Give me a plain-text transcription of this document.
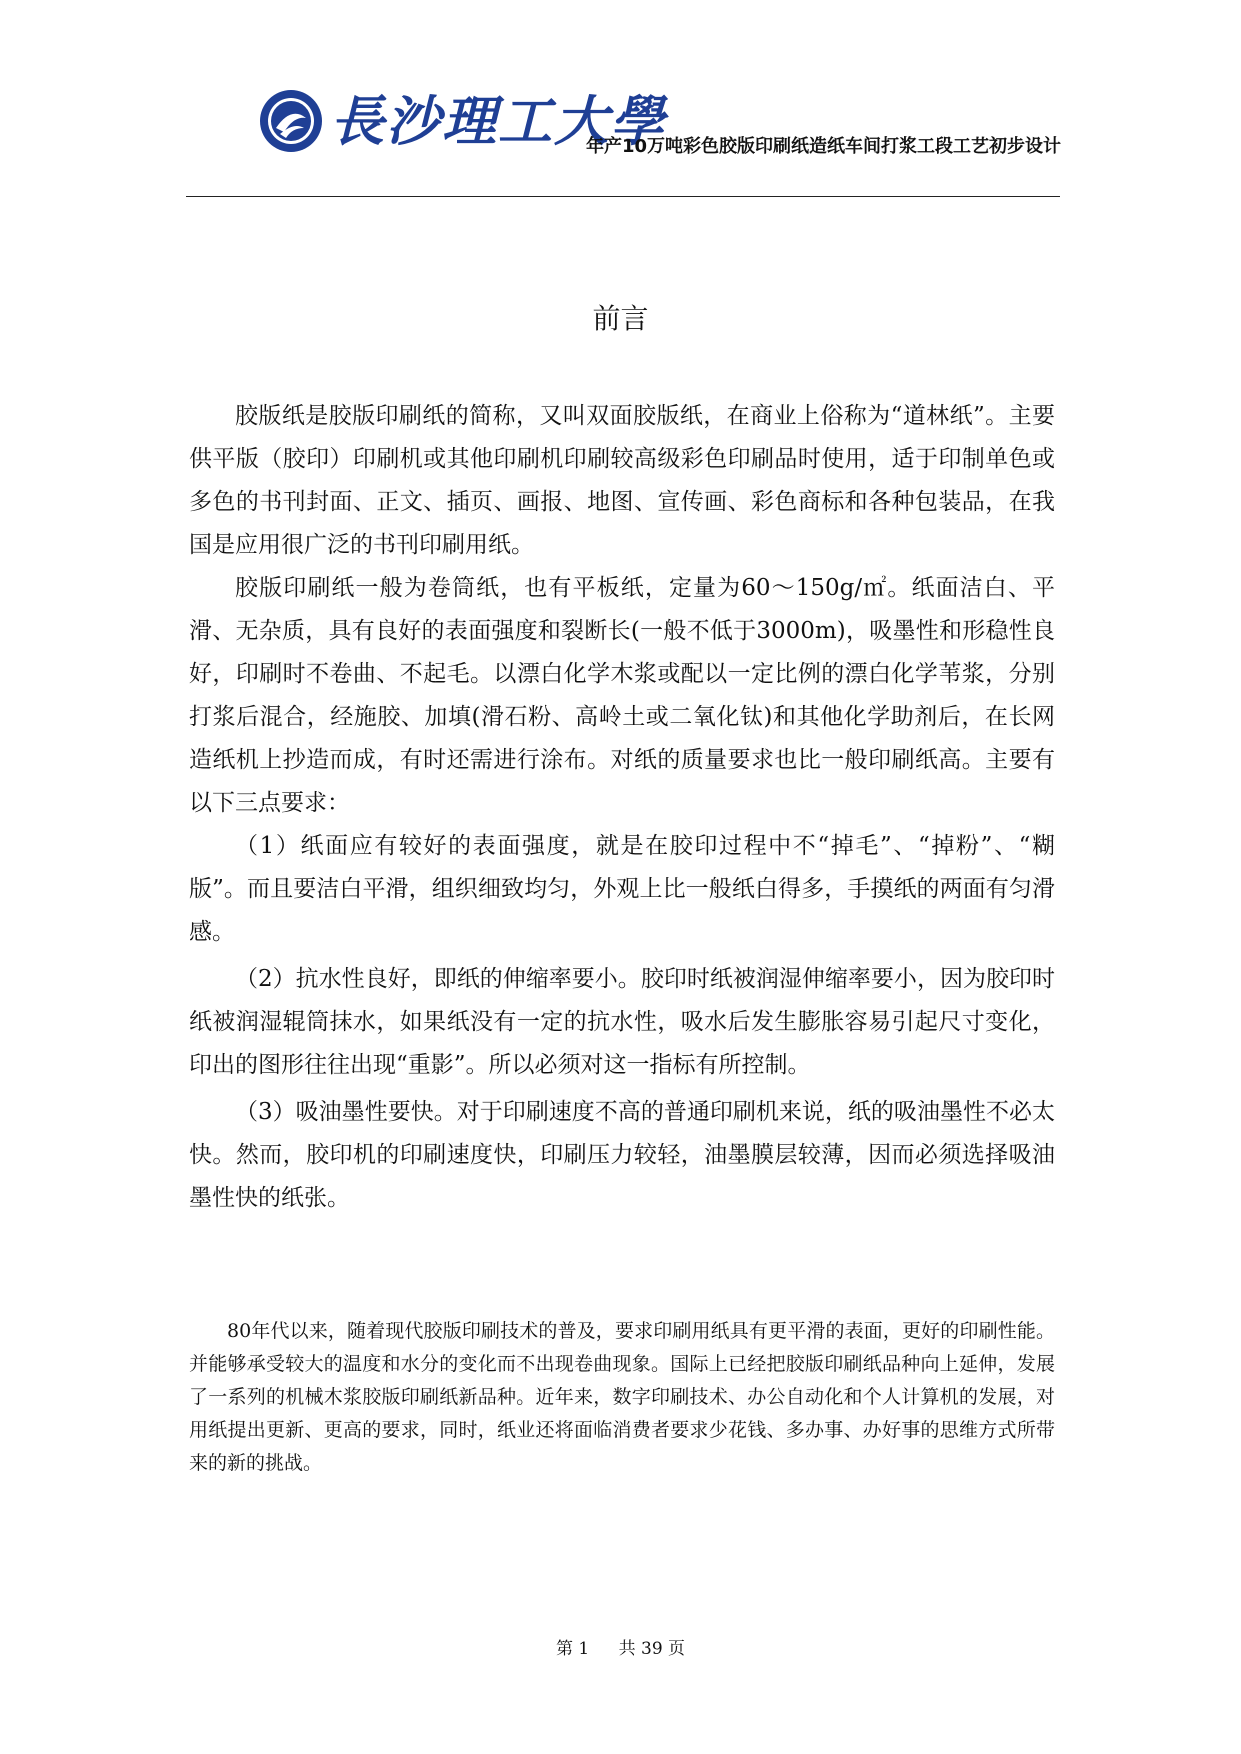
長沙理工大學
年产10万吨彩色胶版印刷纸造纸车间打浆工段工艺初步设计
前言

胶版纸是胶版印刷纸的简称，又叫双面胶版纸，在商业上俗称为“道林纸”。主要供平版（胶印）印刷机或其他印刷机印刷较高级彩色印刷品时使用，适于印制单色或多色的书刊封面、正文、插页、画报、地图、宣传画、彩色商标和各种包装品，在我国是应用很广泛的书刊印刷用纸。

胶版印刷纸一般为卷筒纸，也有平板纸，定量为60～150g/㎡。纸面洁白、平滑、无杂质，具有良好的表面强度和裂断长(一般不低于3000m)，吸墨性和形稳性良好，印刷时不卷曲、不起毛。以漂白化学木浆或配以一定比例的漂白化学苇浆，分别打浆后混合，经施胶、加填(滑石粉、高岭土或二氧化钛)和其他化学助剂后，在长网造纸机上抄造而成，有时还需进行涂布。对纸的质量要求也比一般印刷纸高。主要有以下三点要求：

（1）纸面应有较好的表面强度，就是在胶印过程中不“掉毛”、“掉粉”、“糊版”。而且要洁白平滑，组织细致均匀，外观上比一般纸白得多，手摸纸的两面有匀滑感。

（2）抗水性良好，即纸的伸缩率要小。胶印时纸被润湿伸缩率要小，因为胶印时纸被润湿辊筒抹水，如果纸没有一定的抗水性，吸水后发生膨胀容易引起尺寸变化，印出的图形往往出现“重影”。所以必须对这一指标有所控制。

（3）吸油墨性要快。对于印刷速度不高的普通印刷机来说，纸的吸油墨性不必太快。然而，胶印机的印刷速度快，印刷压力较轻，油墨膜层较薄，因而必须选择吸油墨性快的纸张。

80年代以来，随着现代胶版印刷技术的普及，要求印刷用纸具有更平滑的表面，更好的印刷性能。并能够承受较大的温度和水分的变化而不出现卷曲现象。国际上已经把胶版印刷纸品种向上延伸，发展了一系列的机械木浆胶版印刷纸新品种。近年来，数字印刷技术、办公自动化和个人计算机的发展，对用纸提出更新、更高的要求，同时，纸业还将面临消费者要求少花钱、多办事、办好事的思维方式所带来的新的挑战。

第 1 共 39 页
